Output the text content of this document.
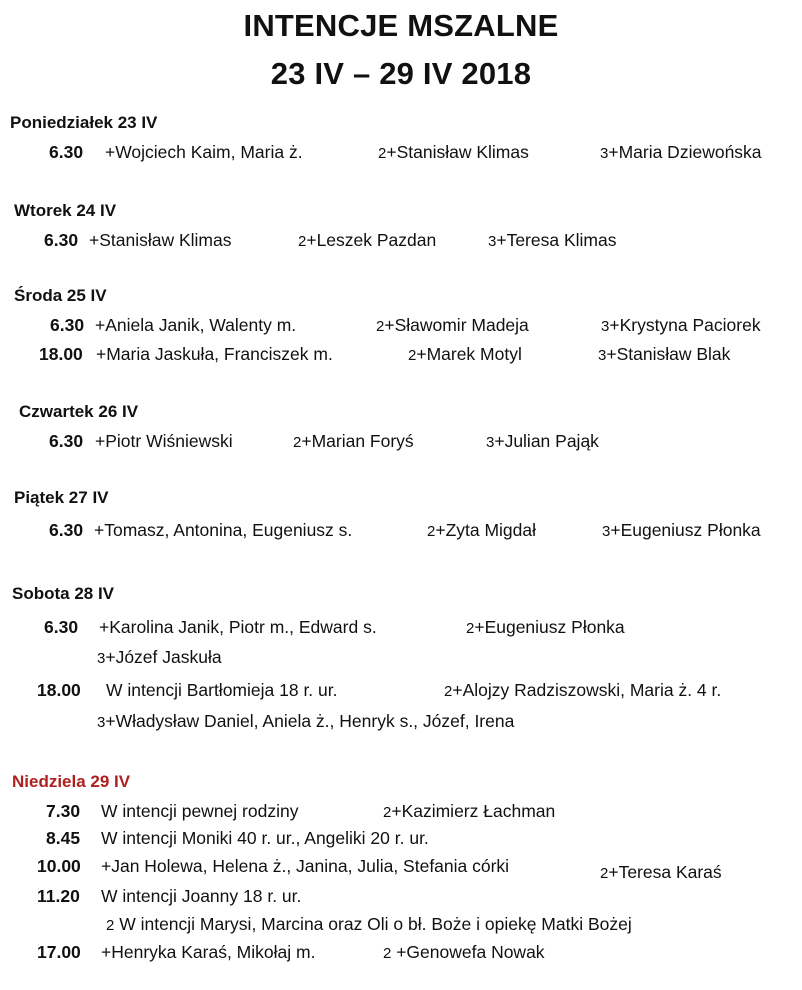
INTENCJE MSZALNE
23 IV – 29 IV 2018
Poniedziałek 23 IV
6.30 +Wojciech Kaim, Maria ż.	2+Stanisław Klimas	3+Maria Dziewońska
Wtorek 24 IV
6.30 +Stanisław Klimas	2+Leszek Pazdan	3+Teresa Klimas
Środa 25 IV
6.30 +Aniela Janik, Walenty m.	2+Sławomir Madeja	3+Krystyna Paciorek
18.00 +Maria Jaskuła, Franciszek m.	2+Marek Motyl	3+Stanisław Blak
Czwartek 26 IV
6.30 +Piotr Wiśniewski	2+Marian Foryś	3+Julian Pająk
Piątek 27 IV
6.30 +Tomasz, Antonina, Eugeniusz s.	2+Zyta Migdał	3+Eugeniusz Płonka
Sobota 28 IV
6.30 +Karolina Janik, Piotr m., Edward s.	2+Eugeniusz Płonka
3+Józef Jaskuła
18.00 W intencji Bartłomieja 18 r. ur.	2+Alojzy Radziszowski, Maria ż. 4 r.
3+Władysław Daniel, Aniela ż., Henryk s., Józef, Irena
Niedziela 29 IV
7.30 W intencji pewnej rodziny	2+Kazimierz Łachman
8.45 W intencji Moniki 40 r. ur., Angeliki 20 r. ur.
10.00 +Jan Holewa, Helena ż., Janina, Julia, Stefania córki	2+Teresa Karaś
11.20 W intencji Joanny 18 r. ur.
2 W intencji Marysi, Marcina oraz Oli o bł. Boże i opiekę Matki Bożej
17.00 +Henryka Karaś, Mikołaj m.	2 +Genowefa Nowak
